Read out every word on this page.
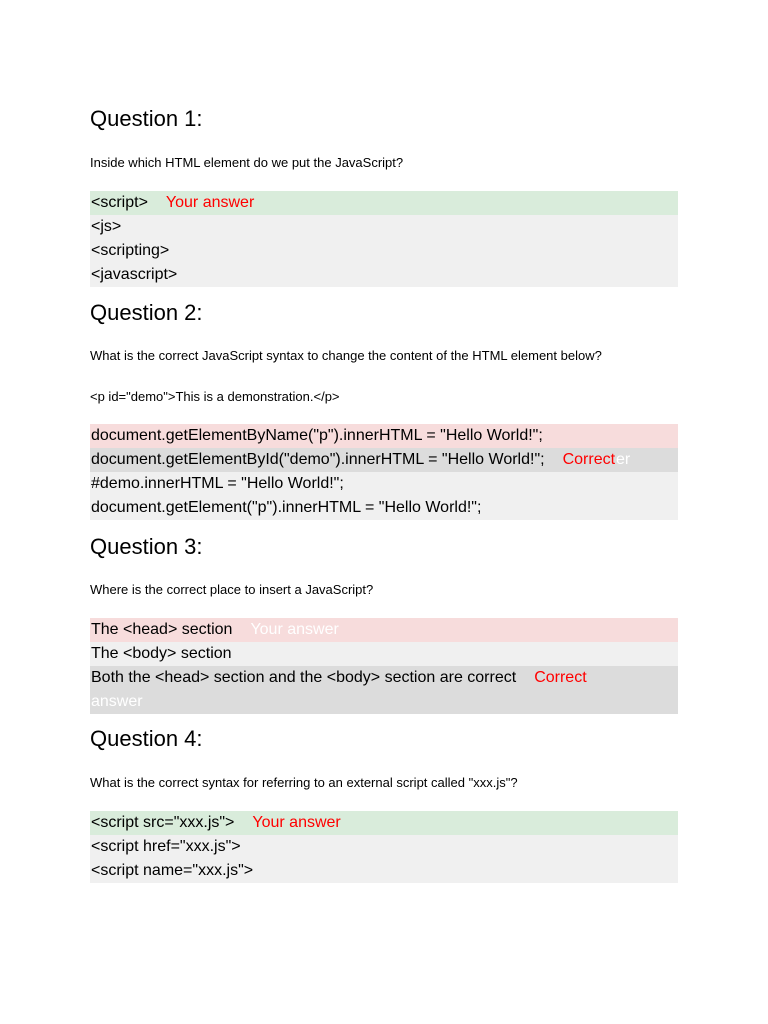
Question 1:
Inside which HTML element do we put the JavaScript?
<script> Your answer
<js>
<scripting>
<javascript>
Question 2:
What is the correct JavaScript syntax to change the content of the HTML element below?
<p id="demo">This is a demonstration.</p>
document.getElementByName("p").innerHTML = "Hello World!";
document.getElementById("demo").innerHTML = "Hello World!"; Correcter
#demo.innerHTML = "Hello World!";
document.getElement("p").innerHTML = "Hello World!";
Question 3:
Where is the correct place to insert a JavaScript?
The <head> section Your answer
The <body> section
Both the <head> section and the <body> section are correct Correct
answer
Question 4:
What is the correct syntax for referring to an external script called "xxx.js"?
<script src="xxx.js"> Your answer
<script href="xxx.js">
<script name="xxx.js">
